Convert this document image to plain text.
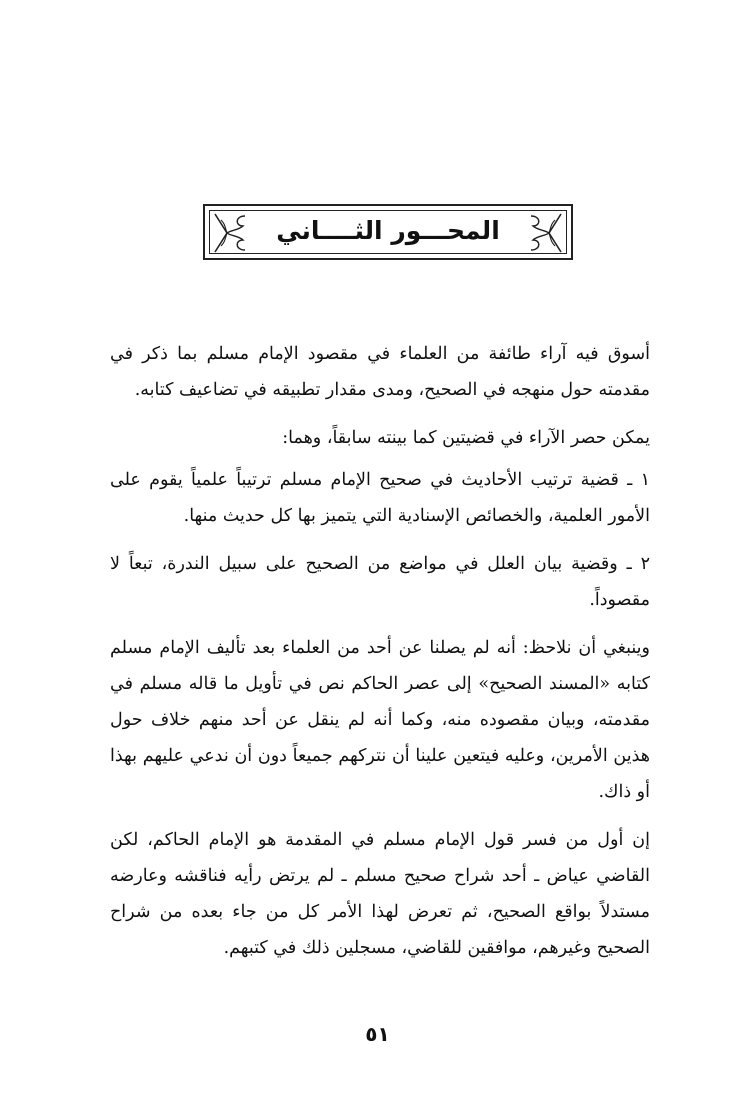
المحـــور الثــــاني

أسوق فيه آراء طائفة من العلماء في مقصود الإمام مسلم بما ذكر في مقدمته حول منهجه في الصحيح، ومدى مقدار تطبيقه في تضاعيف كتابه.

يمكن حصر الآراء في قضيتين كما بينته سابقاً، وهما:

١ ـ قضية ترتيب الأحاديث في صحيح الإمام مسلم ترتيباً علمياً يقوم على الأمور العلمية، والخصائص الإسنادية التي يتميز بها كل حديث منها.

٢ ـ وقضية بيان العلل في مواضع من الصحيح على سبيل الندرة، تبعاً لا مقصوداً.

وينبغي أن نلاحظ: أنه لم يصلنا عن أحد من العلماء بعد تأليف الإمام مسلم كتابه «المسند الصحيح» إلى عصر الحاكم نص في تأويل ما قاله مسلم في مقدمته، وبيان مقصوده منه، وكما أنه لم ينقل عن أحد منهم خلاف حول هذين الأمرين، وعليه فيتعين علينا أن نتركهم جميعاً دون أن ندعي عليهم بهذا أو ذاك.

إن أول من فسر قول الإمام مسلم في المقدمة هو الإمام الحاكم، لكن القاضي عياض ـ أحد شراح صحيح مسلم ـ لم يرتض رأيه فناقشه وعارضه مستدلاً بواقع الصحيح، ثم تعرض لهذا الأمر كل من جاء بعده من شراح الصحيح وغيرهم، موافقين للقاضي، مسجلين ذلك في كتبهم.

٥١
